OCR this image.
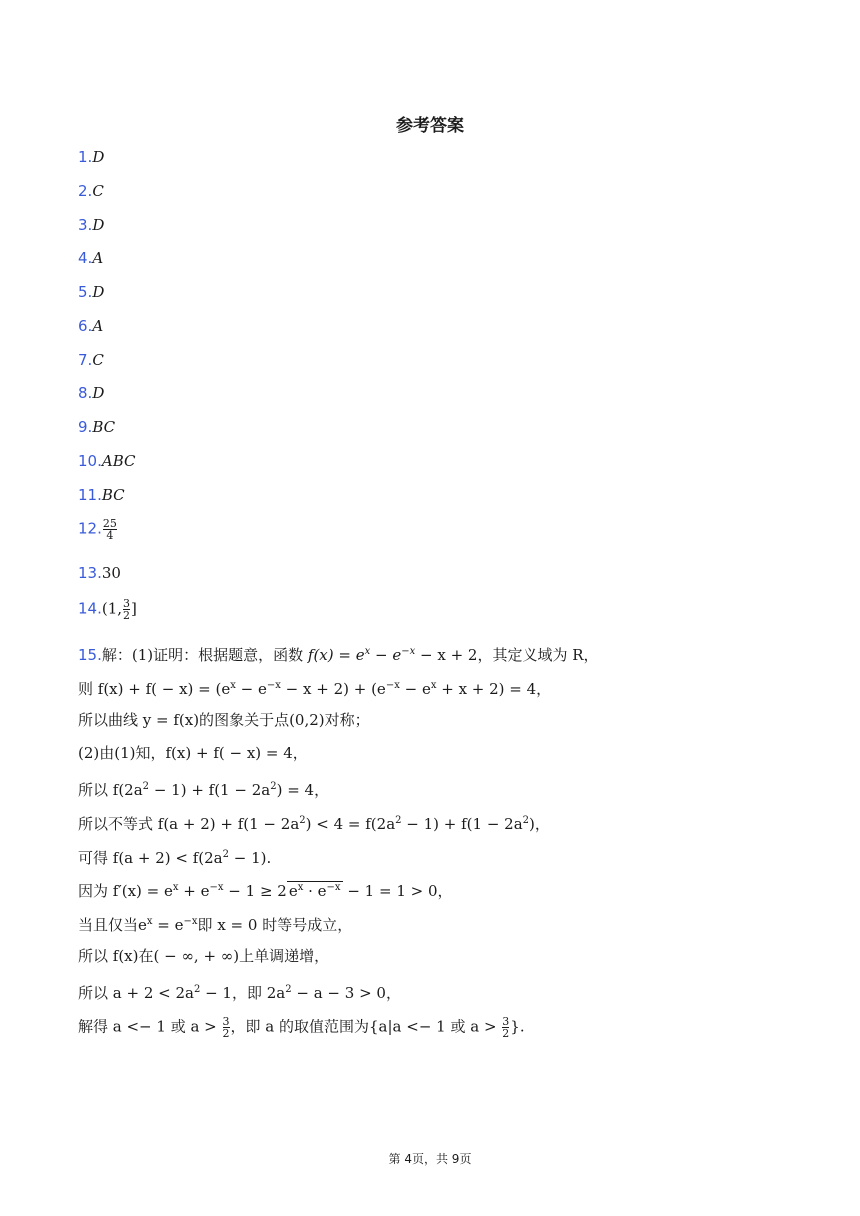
参考答案
1.D
2.C
3.D
4.A
5.D
6.A
7.C
8.D
9.BC
10.ABC
11.BC
12. $\frac{25}{4}$
13.30
14.(1, $\frac{3}{2}$ ]
15.解：(1)证明：根据题意，函数 $f(x) = e^x - e^{-x} - x + 2$，其定义域为 R，
则 $f(x) + f( - x) = (e^x - e^{-x} - x + 2) + (e^{-x} - e^x + x + 2) = 4$，
所以曲线 y = f(x)的图象关于点(0,2)对称；
(2)由(1)知，f(x) + f( − x) = 4，
所以 $f(2a^2 - 1) + f(1 - 2a^2) = 4$，
所以不等式 $f(a + 2) + f(1 - 2a^2) < 4 = f(2a^2 - 1) + f(1 - 2a^2)$，
可得 $f(a + 2) < f(2a^2 - 1)$.
因为 $f'(x) = e^x + e^{-x} - 1 \ge 2$ $e^x \cdot e^{-x} - 1 = 1 > 0$，
当且仅当$e^x = e^{-x}$即 x = 0 时等号成立，
所以 f(x)在( − ∞, + ∞)上单调递增，
所以 $a + 2 < 2a^2 - 1$，即 $2a^2 - a - 3 > 0$，
解得 a <− 1 或 $a > \frac{3}{2}$ ，即 a 的取值范围为{a|a <− 1 或 $a > \frac{3}{2}$ }.
第 4页，共 9页
